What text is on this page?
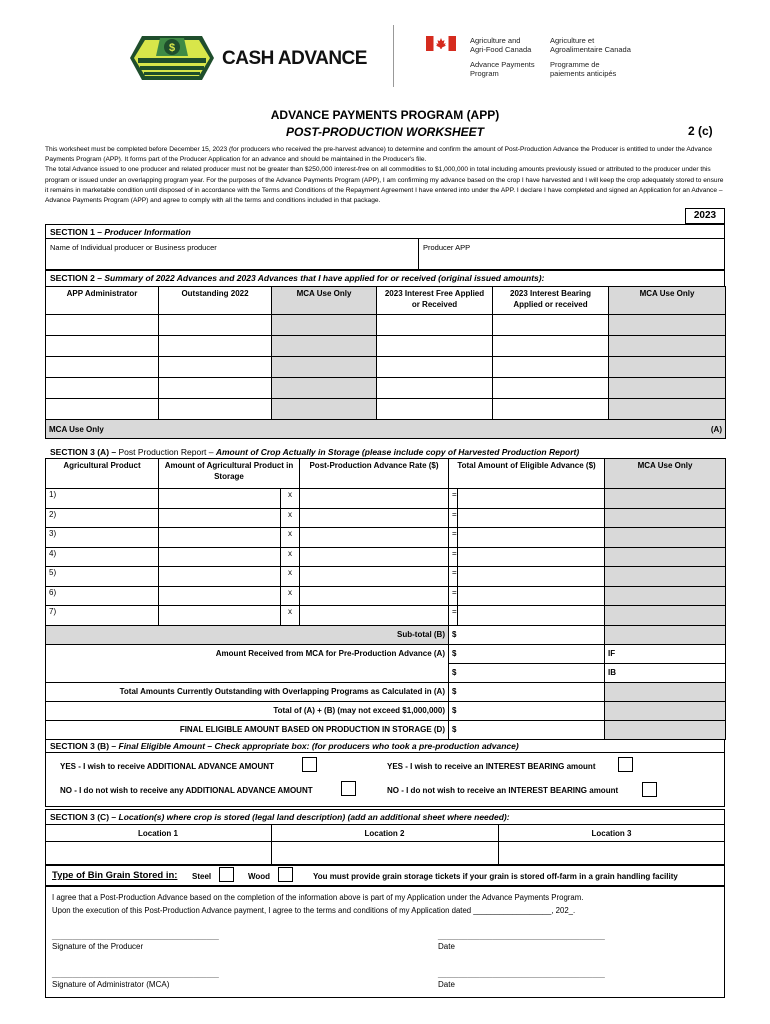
$ CASH ADVANCE
Agriculture and
Agri-Food Canada
Agriculture et
Agroalimentaire Canada
Advance Payments
Program
Programme de
paiements anticipés
ADVANCE PAYMENTS PROGRAM (APP)
POST-PRODUCTION WORKSHEET	2 (c)

This worksheet must be completed before December 15, 2023 (for producers who received the pre-harvest advance) to determine and confirm the amount of Post-Production Advance the Producer is entitled to under the Advance Payments Program (APP). It forms part of the Producer Application for an advance and should be maintained in the Producer's file.

The total Advance issued to one producer and related producer must not be greater than $250,000 interest-free on all commodities to $1,000,000 in total including amounts previously issued or attributed to the producer under this program or issued under an overlapping program year. For the purposes of the Advance Payments Program (APP), I am confirming my advance based on the crop I have harvested and I will keep the crop adequately stored to ensure it remains in marketable condition until disposed of in accordance with the Terms and Conditions of the Repayment Agreement I have entered into under the APP. I declare I have completed and signed an Application for an Advance – Advance Payments Program (APP) and agree to comply with all the terms and conditions included in that package.

2023
SECTION 1 – Producer Information
Name of Individual producer or Business producer	Producer APP
SECTION 2 – Summary of 2022 Advances and 2023 Advances that I have applied for or received (original issued amounts):
APP Administrator	Outstanding 2022	MCA Use Only	2023 Interest Free Applied or Received	2023 Interest Bearing Applied or received	MCA Use Only

MCA Use Only (A)					
SECTION 3 (A) – Post Production Report – Amount of Crop Actually in Storage (please include copy of Harvested Production Report)
Agricultural Product	Amount of Agricultural Product in Storage		Post-Production Advance Rate ($)	Total Amount of Eligible Advance ($)		MCA Use Only
1)		x		=		
2)		x		=		
3)		x		=		
4)		x		=		
5)		x		=		
6)		x		=		
7)		x		=		
Sub-total (B)				$		
Amount Received from MCA for Pre-Production Advance (A)				$		IF
				$		IB
Total Amounts Currently Outstanding with Overlapping Programs as Calculated in (A)				$		
Total of (A) + (B) (may not exceed $1,000,000)				$		
FINAL ELIGIBLE AMOUNT BASED ON PRODUCTION IN STORAGE (D)				$		
SECTION 3 (B) – Final Eligible Amount – Check appropriate box: (for producers who took a pre-production advance)
YES - I wish to receive ADDITIONAL ADVANCE AMOUNT	YES - I wish to receive an INTEREST BEARING amount
NO - I do not wish to receive any ADDITIONAL ADVANCE AMOUNT	NO - I do not wish to receive an INTEREST BEARING amount
SECTION 3 (C) – Location(s) where crop is stored (legal land description) (add an additional sheet where needed):
Location 1	Location 2	Location 3
Type of Bin Grain Stored in: Steel	Wood	You must provide grain storage tickets if your grain is stored off-farm in a grain handling facility
I agree that a Post-Production Advance based on the completion of the information above is part of my Application under the Advance Payments Program.
Upon the execution of this Post-Production Advance payment, I agree to the terms and conditions of my Application dated __________________, 202_.
________________________________________
Signature of the Producer
________________________________________
Date
________________________________________
Signature of Administrator (MCA)
________________________________________
Date
